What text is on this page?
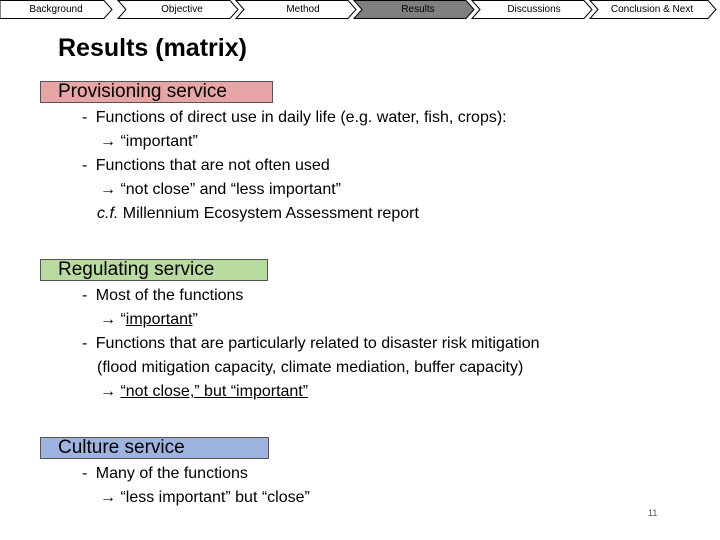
Background	Objective	Method	Results	Discussions	Conclusion & Next
Results (matrix)
Provisioning service
- Functions of direct use in daily life (e.g. water, fish, crops):
→ “important”
- Functions that are not often used
→ “not close” and “less important”
c.f. Millennium Ecosystem Assessment report
Regulating service
- Most of the functions
→ “important”
- Functions that are particularly related to disaster risk mitigation
(flood mitigation capacity, climate mediation, buffer capacity)
→ “not close,” but “important”
Culture service
- Many of the functions
→ “less important” but “close”
11
